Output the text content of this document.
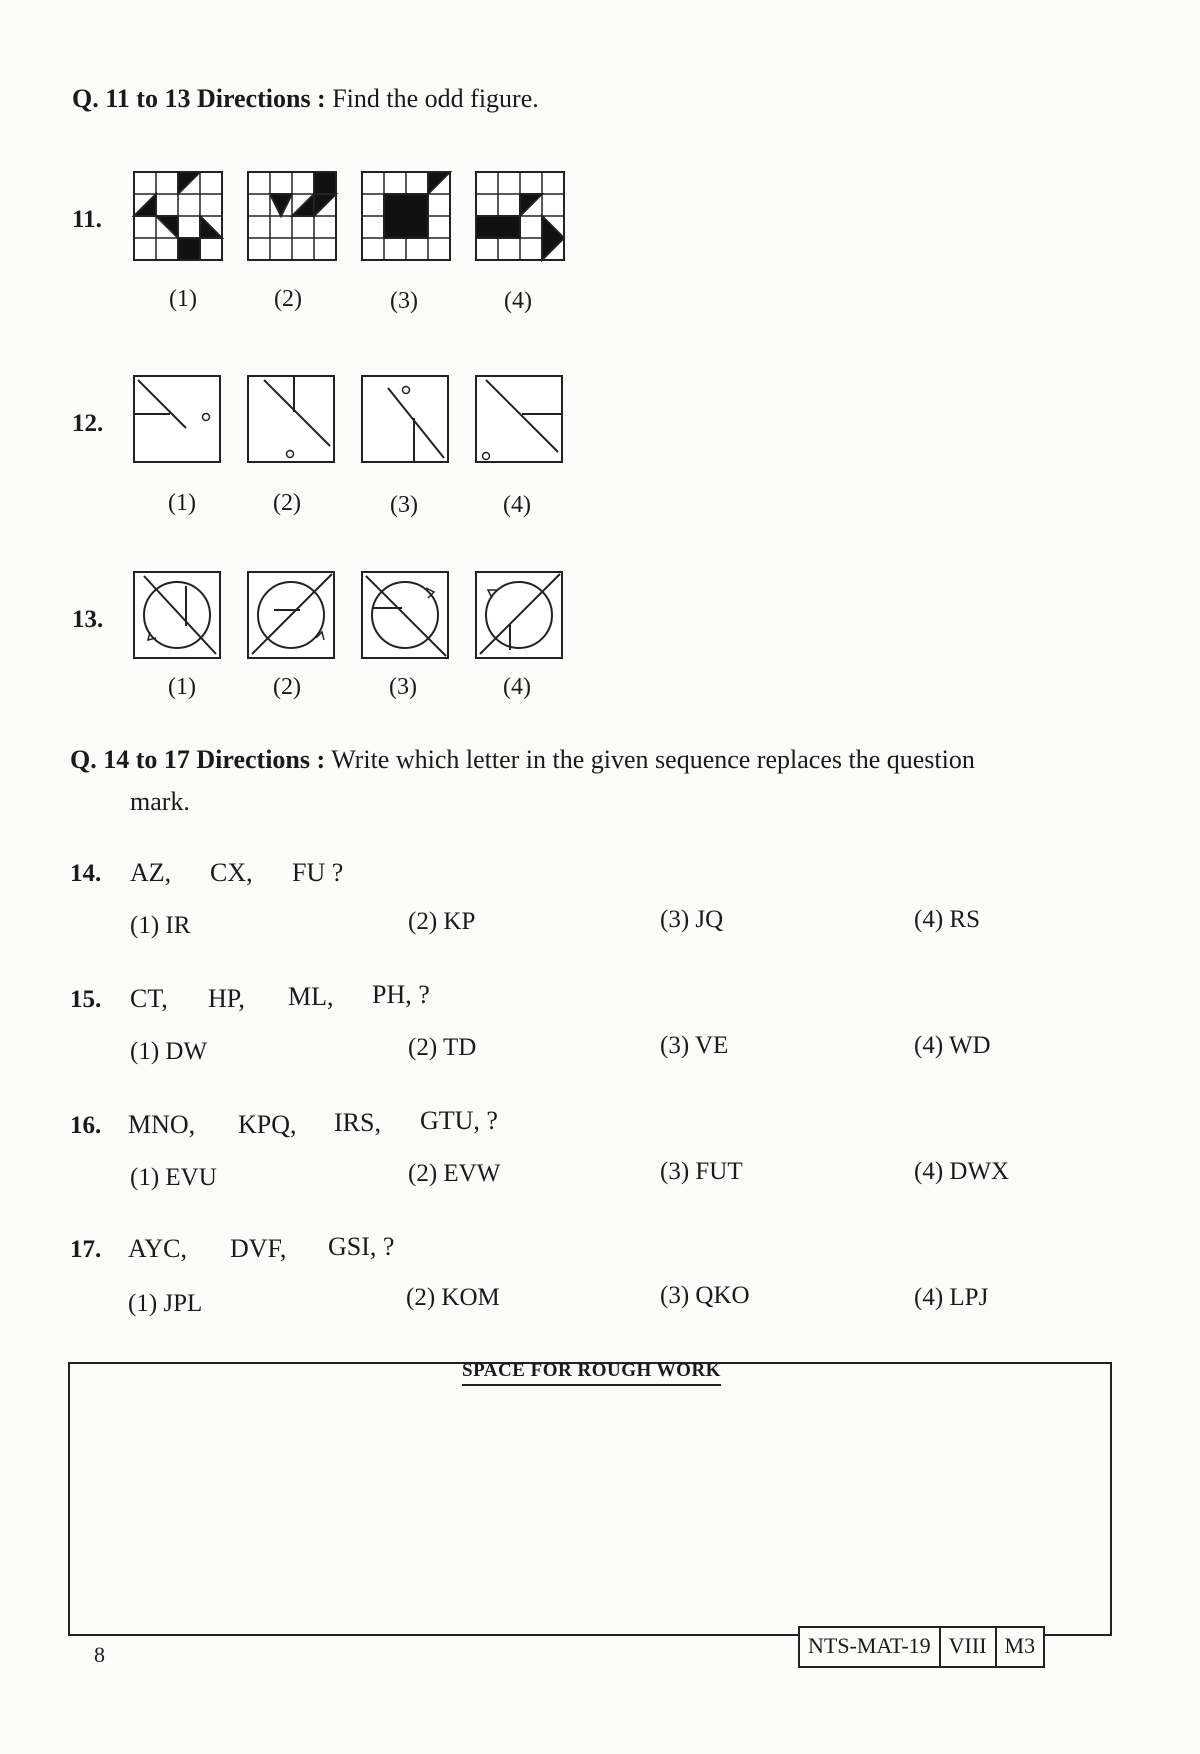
Q. 11 to 13 Directions : Find the odd figure.
11.
(1)	(2)	(3)	(4)
12.
(1)	(2)	(3)	(4)
13.
(1)	(2)	(3)	(4)
Q. 14 to 17 Directions : Write which letter in the given sequence replaces the question
mark.
14. AZ, CX, FU ?
(1) IR	(2) KP	(3) JQ	(4) RS
15. CT, HP, ML, PH, ?
(1) DW	(2) TD	(3) VE	(4) WD
16. MNO, KPQ, IRS, GTU, ?
(1) EVU	(2) EVW	(3) FUT	(4) DWX
17. AYC, DVF, GSI, ?
(1) JPL	(2) KOM	(3) QKO	(4) LPJ
SPACE FOR ROUGH WORK
8	NTS-MAT-19 VIII M3
